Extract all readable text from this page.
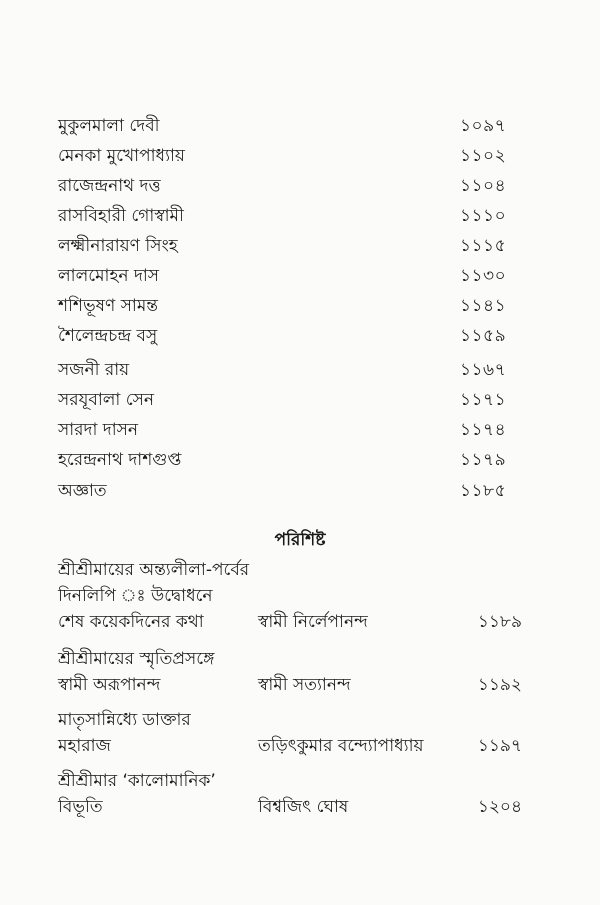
মুকুলমালা দেবী	১০৯৭
মেনকা মুখোপাধ্যায়	১১০২
রাজেন্দ্রনাথ দত্ত	১১০৪
রাসবিহারী গোস্বামী	১১১০
লক্ষ্মীনারায়ণ সিংহ	১১১৫
লালমোহন দাস	১১৩০
শশিভূষণ সামন্ত	১১৪১
শৈলেন্দ্রচন্দ্র বসু	১১৫৯
সজনী রায়	১১৬৭
সরযূবালা সেন	১১৭১
সারদা দাসন	১১৭৪
হরেন্দ্রনাথ দাশগুপ্ত	১১৭৯
অজ্ঞাত	১১৮৫
পরিশিষ্ট
শ্রীশ্রীমায়ের অন্ত্যলীলা-পর্বের
দিনলিপি ঃ উদ্বোধনে
শেষ কয়েকদিনের কথা	স্বামী নির্লেপানন্দ	১১৮৯
শ্রীশ্রীমায়ের স্মৃতিপ্রসঙ্গে
স্বামী অরূপানন্দ	স্বামী সত্যানন্দ	১১৯২
মাতৃসান্নিধ্যে ডাক্তার
মহারাজ	তড়িৎকুমার বন্দ্যোপাধ্যায়	১১৯৭
শ্রীশ্রীমার ‘কালোমানিক’
বিভূতি	বিশ্বজিৎ ঘোষ	১২০৪
